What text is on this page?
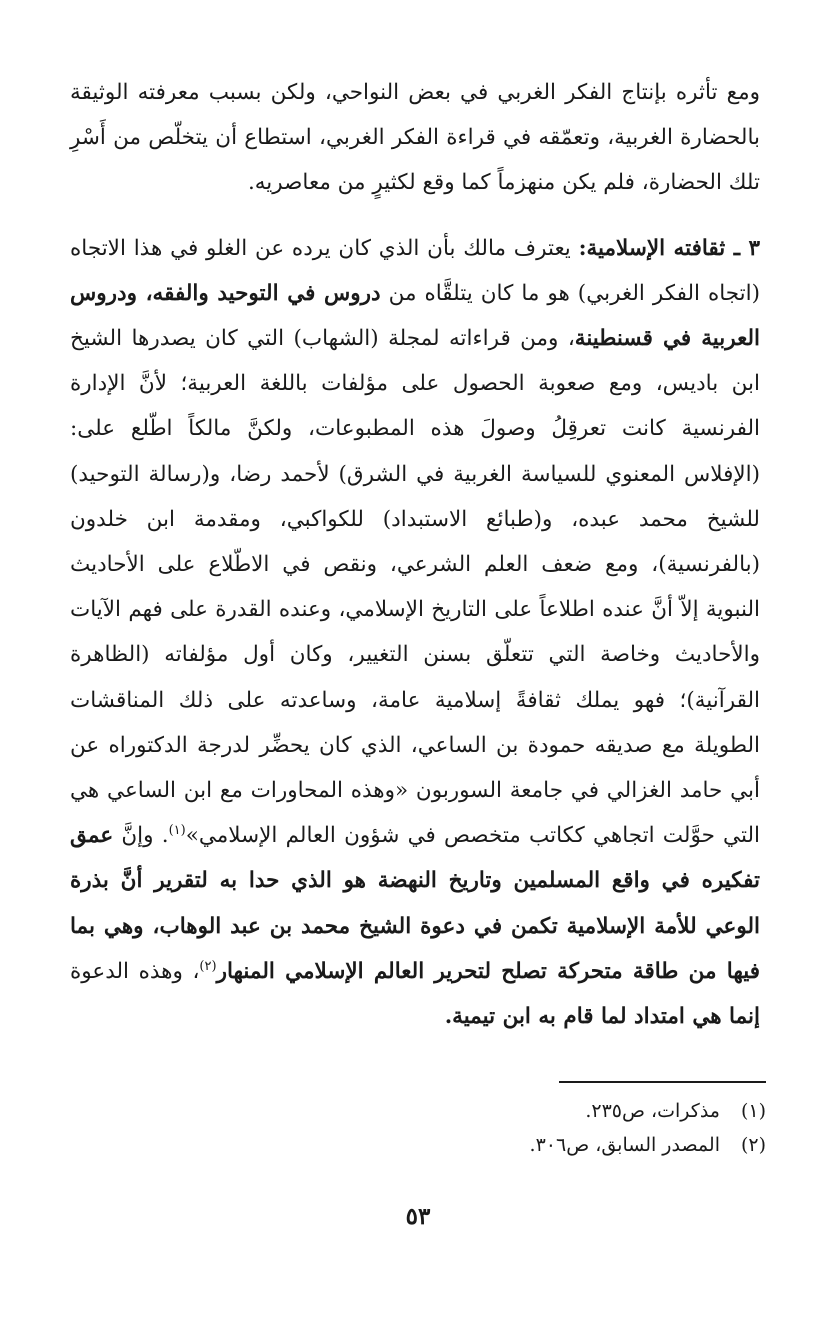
ومع تأثره بإنتاج الفكر الغربي في بعض النواحي، ولكن بسبب معرفته الوثيقة بالحضارة الغربية، وتعمّقه في قراءة الفكر الغربي، استطاع أن يتخلّص من أَسْرِ تلك الحضارة، فلم يكن منهزماً كما وقع لكثيرٍ من معاصريه.

٣ ـ ثقافته الإسلامية: يعترف مالك بأن الذي كان يرده عن الغلو في هذا الاتجاه (اتجاه الفكر الغربي) هو ما كان يتلقَّاه من دروس في التوحيد والفقه، ودروس العربية في قسنطينة، ومن قراءاته لمجلة (الشهاب) التي كان يصدرها الشيخ ابن باديس، ومع صعوبة الحصول على مؤلفات باللغة العربية؛ لأنَّ الإدارة الفرنسية كانت تعرقِلُ وصولَ هذه المطبوعات، ولكنَّ مالكاً اطّلع على: (الإفلاس المعنوي للسياسة الغربية في الشرق) لأحمد رضا، و(رسالة التوحيد) للشيخ محمد عبده، و(طبائع الاستبداد) للكواكبي، ومقدمة ابن خلدون (بالفرنسية)، ومع ضعف العلم الشرعي، ونقص في الاطّلاع على الأحاديث النبوية إلاّ أنَّ عنده اطلاعاً على التاريخ الإسلامي، وعنده القدرة على فهم الآيات والأحاديث وخاصة التي تتعلّق بسنن التغيير، وكان أول مؤلفاته (الظاهرة القرآنية)؛ فهو يملك ثقافةً إسلامية عامة، وساعدته على ذلك المناقشات الطويلة مع صديقه حمودة بن الساعي، الذي كان يحضِّر لدرجة الدكتوراه عن أبي حامد الغزالي في جامعة السوربون «وهذه المحاورات مع ابن الساعي هي التي حوَّلت اتجاهي ككاتب متخصص في شؤون العالم الإسلامي»$^{(١)}$. وإنَّ عمق تفكيره في واقع المسلمين وتاريخ النهضة هو الذي حدا به لتقرير أنَّ بذرة الوعي للأمة الإسلامية تكمن في دعوة الشيخ محمد بن عبد الوهاب، وهي بما فيها من طاقة متحركة تصلح لتحرير العالم الإسلامي المنهار$^{(٢)}$، وهذه الدعوة إنما هي امتداد لما قام به ابن تيمية.

(١)مذكرات، ص٢٣٥.
(٢)المصدر السابق، ص٣٠٦.
٥٣
